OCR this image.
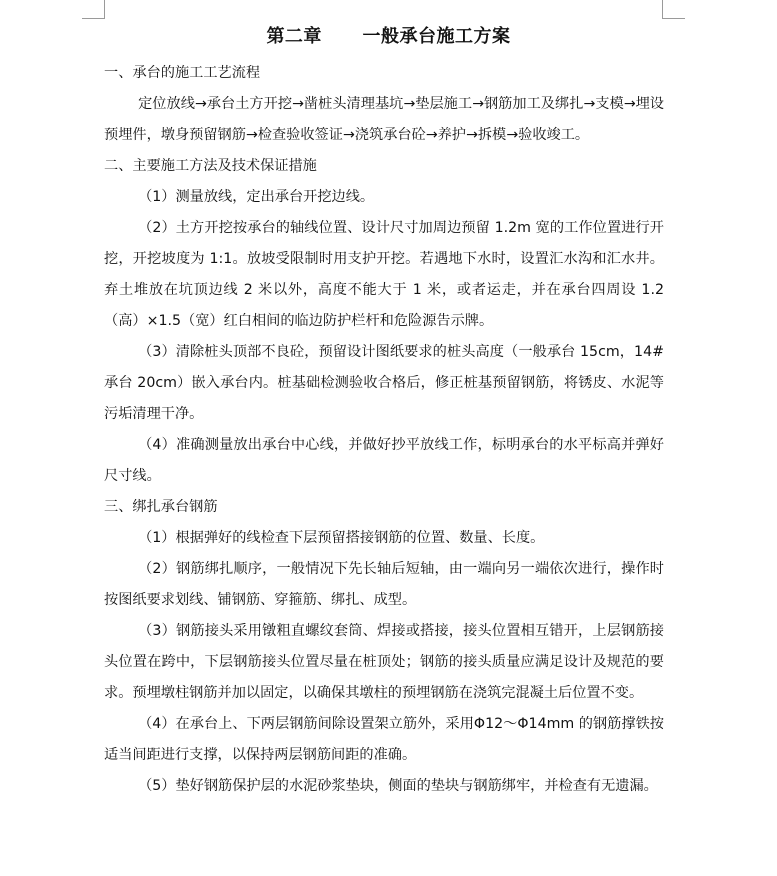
第二章      一般承台施工方案

一、承台的施工工艺流程

定位放线→承台土方开挖→凿桩头清理基坑→垫层施工→钢筋加工及绑扎→支模→埋设预埋件，墩身预留钢筋→检查验收签证→浇筑承台砼→养护→拆模→验收竣工。

二、主要施工方法及技术保证措施

（1）测量放线，定出承台开挖边线。

（2）土方开挖按承台的轴线位置、设计尺寸加周边预留 1.2m 宽的工作位置进行开挖，开挖坡度为 1:1。放坡受限制时用支护开挖。若遇地下水时，设置汇水沟和汇水井。弃土堆放在坑顶边线 2 米以外，高度不能大于 1 米，或者运走，并在承台四周设 1.2（高）×1.5（宽）红白相间的临边防护栏杆和危险源告示牌。

（3）清除桩头顶部不良砼，预留设计图纸要求的桩头高度（一般承台 15cm，14#承台 20cm）嵌入承台内。桩基础检测验收合格后，修正桩基预留钢筋，将锈皮、水泥等污垢清理干净。

（4）准确测量放出承台中心线，并做好抄平放线工作，标明承台的水平标高并弹好尺寸线。

三、绑扎承台钢筋

（1）根据弹好的线检查下层预留搭接钢筋的位置、数量、长度。

（2）钢筋绑扎顺序，一般情况下先长轴后短轴，由一端向另一端依次进行，操作时按图纸要求划线、铺钢筋、穿箍筋、绑扎、成型。

（3）钢筋接头采用镦粗直螺纹套筒、焊接或搭接，接头位置相互错开，上层钢筋接头位置在跨中，下层钢筋接头位置尽量在桩顶处；钢筋的接头质量应满足设计及规范的要求。预埋墩柱钢筋并加以固定，以确保其墩柱的预埋钢筋在浇筑完混凝土后位置不变。

（4）在承台上、下两层钢筋间除设置架立筋外，采用Φ12～Φ14mm 的钢筋撑铁按适当间距进行支撑，以保持两层钢筋间距的准确。

（5）垫好钢筋保护层的水泥砂浆垫块，侧面的垫块与钢筋绑牢，并检查有无遗漏。
